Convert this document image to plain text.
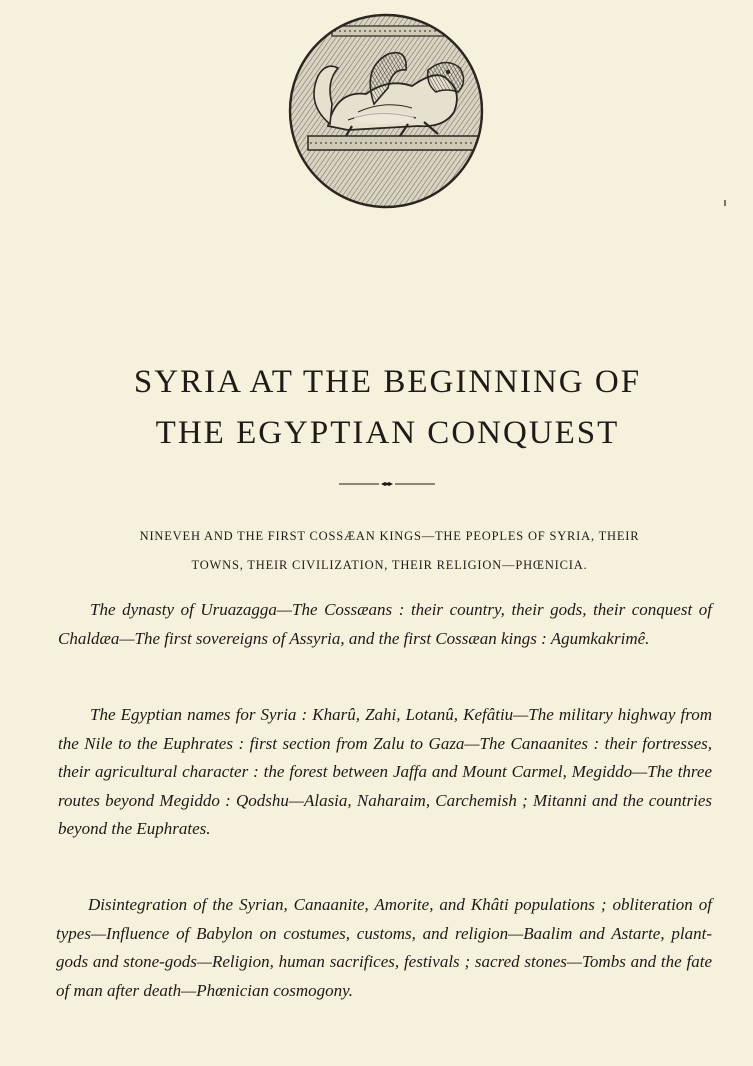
SYRIA AT THE BEGINNING OF
THE EGYPTIAN CONQUEST
NINEVEH AND THE FIRST COSSÆAN KINGS—THE PEOPLES OF SYRIA, THEIR
TOWNS, THEIR CIVILIZATION, THEIR RELIGION—PHŒNICIA.
The dynasty of Uruazagga—The Cossæans : their country, their gods, their conquest of Chaldæa—The first sovereigns of Assyria, and the first Cossæan kings : Agumkakrimê.
The Egyptian names for Syria : Kharû, Zahi, Lotanû, Kefâtiu—The military highway from the Nile to the Euphrates : first section from Zalu to Gaza—The Canaanites : their fortresses, their agricultural character : the forest between Jaffa and Mount Carmel, Megiddo—The three routes beyond Megiddo : Qodshu—Alasia, Naharaim, Carchemish ; Mitanni and the countries beyond the Euphrates.
Disintegration of the Syrian, Canaanite, Amorite, and Khâti populations ; obliteration of types—Influence of Babylon on costumes, customs, and religion—Baalim and Astarte, plant-gods and stone-gods—Religion, human sacrifices, festivals ; sacred stones—Tombs and the fate of man after death—Phœnician cosmogony.
